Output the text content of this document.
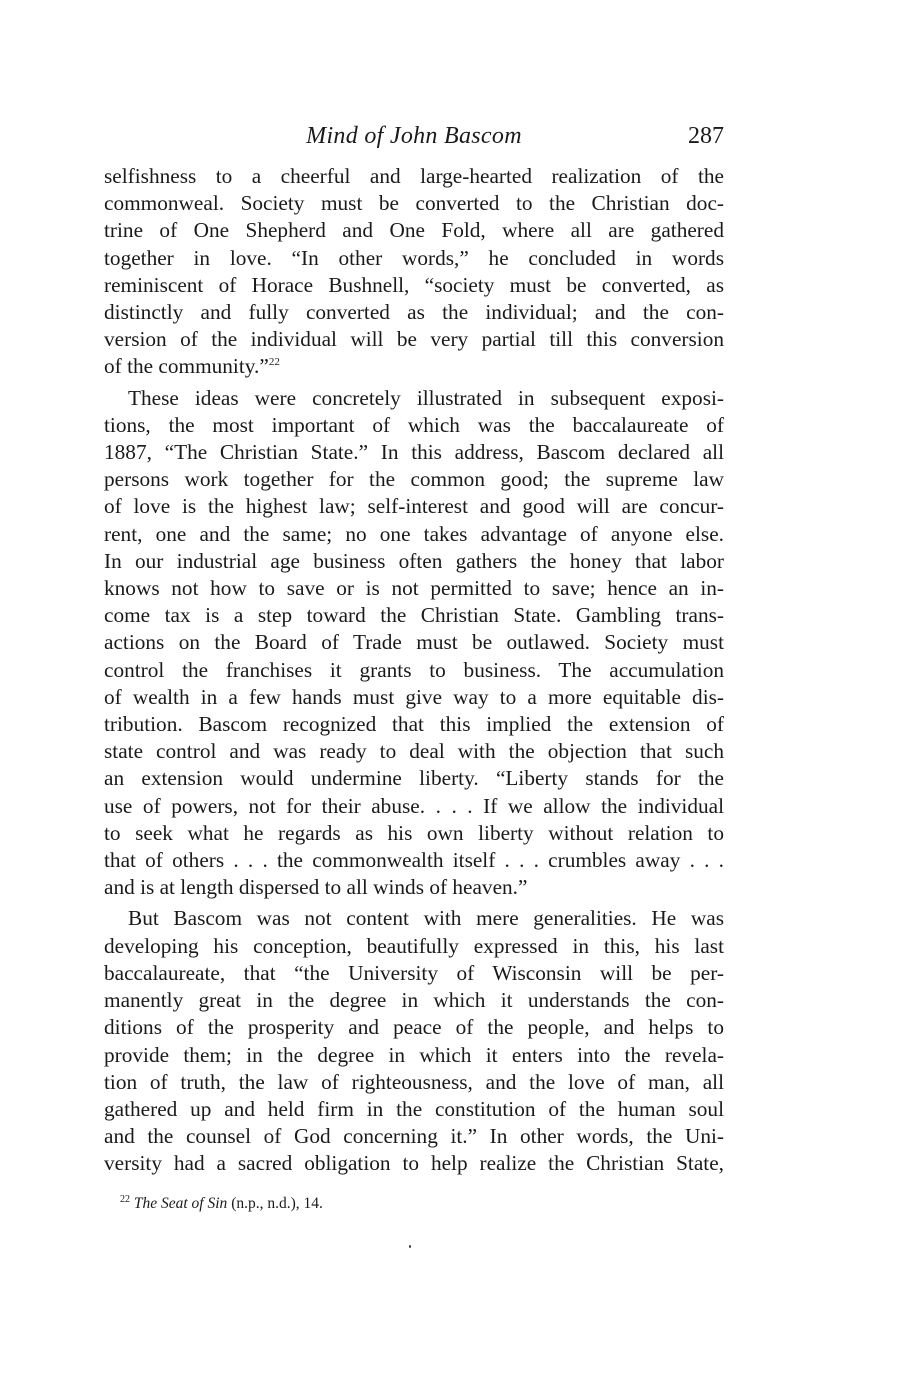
Mind of John Bascom	287

selfishness to a cheerful and large-hearted realization of the
commonweal. Society must be converted to the Christian doc-
trine of One Shepherd and One Fold, where all are gathered
together in love. “In other words,” he concluded in words
reminiscent of Horace Bushnell, “society must be converted, as
distinctly and fully converted as the individual; and the con-
version of the individual will be very partial till this conversion
of the community.”$^{22}$

These ideas were concretely illustrated in subsequent exposi-
tions, the most important of which was the baccalaureate of
1887, “The Christian State.” In this address, Bascom declared all
persons work together for the common good; the supreme law
of love is the highest law; self-interest and good will are concur-
rent, one and the same; no one takes advantage of anyone else.
In our industrial age business often gathers the honey that labor
knows not how to save or is not permitted to save; hence an in-
come tax is a step toward the Christian State. Gambling trans-
actions on the Board of Trade must be outlawed. Society must
control the franchises it grants to business. The accumulation
of wealth in a few hands must give way to a more equitable dis-
tribution. Bascom recognized that this implied the extension of
state control and was ready to deal with the objection that such
an extension would undermine liberty. “Liberty stands for the
use of powers, not for their abuse. . . . If we allow the individual
to seek what he regards as his own liberty without relation to
that of others . . . the commonwealth itself . . . crumbles away . . .
and is at length dispersed to all winds of heaven.”

But Bascom was not content with mere generalities. He was
developing his conception, beautifully expressed in this, his last
baccalaureate, that “the University of Wisconsin will be per-
manently great in the degree in which it understands the con-
ditions of the prosperity and peace of the people, and helps to
provide them; in the degree in which it enters into the revela-
tion of truth, the law of righteousness, and the love of man, all
gathered up and held firm in the constitution of the human soul
and the counsel of God concerning it.” In other words, the Uni-
versity had a sacred obligation to help realize the Christian State,

$^{22}$ The Seat of Sin (n.p., n.d.), 14.
